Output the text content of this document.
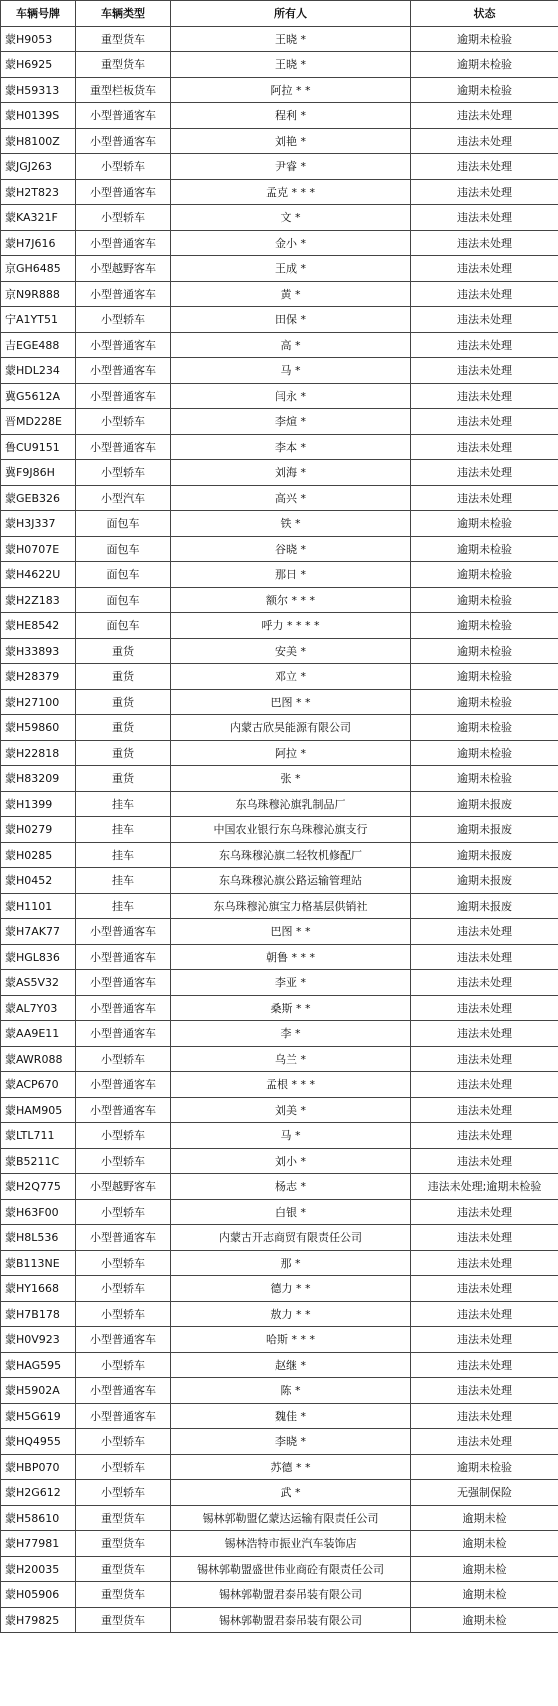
车辆号牌	车辆类型	所有人	状态
蒙H9053	重型货车	王晓 *	逾期未检验
蒙H6925	重型货车	王晓 *	逾期未检验
蒙H59313	重型栏板货车	阿拉 * *	逾期未检验
蒙H0139S	小型普通客车	程利 *	违法未处理
蒙H8100Z	小型普通客车	刘艳 *	违法未处理
蒙JGJ263	小型轿车	尹睿 *	违法未处理
蒙H2T823	小型普通客车	孟克 * * *	违法未处理
蒙KA321F	小型轿车	文 *	违法未处理
蒙H7J616	小型普通客车	金小 *	违法未处理
京GH6485	小型越野客车	王成 *	违法未处理
京N9R888	小型普通客车	黄 *	违法未处理
宁A1YT51	小型轿车	田保 *	违法未处理
吉EGE488	小型普通客车	高 *	违法未处理
蒙HDL234	小型普通客车	马 *	违法未处理
冀G5612A	小型普通客车	闫永 *	违法未处理
晋MD228E	小型轿车	李煊 *	违法未处理
鲁CU9151	小型普通客车	李本 *	违法未处理
冀F9J86H	小型轿车	刘海 *	违法未处理
蒙GEB326	小型汽车	高兴 *	违法未处理
蒙H3J337	面包车	铁 *	逾期未检验
蒙H0707E	面包车	谷晓 *	逾期未检验
蒙H4622U	面包车	那日 *	逾期未检验
蒙H2Z183	面包车	额尔 * * *	逾期未检验
蒙HE8542	面包车	呼力 * * * *	逾期未检验
蒙H33893	重货	安美 *	逾期未检验
蒙H28379	重货	邓立 *	逾期未检验
蒙H27100	重货	巴图 * *	逾期未检验
蒙H59860	重货	内蒙古欣昊能源有限公司	逾期未检验
蒙H22818	重货	阿拉 *	逾期未检验
蒙H83209	重货	张 *	逾期未检验
蒙H1399	挂车	东乌珠穆沁旗乳制品厂	逾期未报废
蒙H0279	挂车	中国农业银行东乌珠穆沁旗支行	逾期未报废
蒙H0285	挂车	东乌珠穆沁旗二轻牧机修配厂	逾期未报废
蒙H0452	挂车	东乌珠穆沁旗公路运输管理站	逾期未报废
蒙H1101	挂车	东乌珠穆沁旗宝力格基层供销社	逾期未报废
蒙H7AK77	小型普通客车	巴图 * *	违法未处理
蒙HGL836	小型普通客车	朝鲁 * * *	违法未处理
蒙AS5V32	小型普通客车	李亚 *	违法未处理
蒙AL7Y03	小型普通客车	桑斯 * *	违法未处理
蒙AA9E11	小型普通客车	李 *	违法未处理
蒙AWR088	小型轿车	乌兰 *	违法未处理
蒙ACP670	小型普通客车	孟根 * * *	违法未处理
蒙HAM905	小型普通客车	刘美 *	违法未处理
蒙LTL711	小型轿车	马 *	违法未处理
蒙B5211C	小型轿车	刘小 *	违法未处理
蒙H2Q775	小型越野客车	杨志 *	违法未处理;逾期未检验
蒙H63F00	小型轿车	白银 *	违法未处理
蒙H8L536	小型普通客车	内蒙古开志商贸有限责任公司	违法未处理
蒙B113NE	小型轿车	那 *	违法未处理
蒙HY1668	小型轿车	德力 * *	违法未处理
蒙H7B178	小型轿车	敖力 * *	违法未处理
蒙H0V923	小型普通客车	哈斯 * * *	违法未处理
蒙HAG595	小型轿车	赵继 *	违法未处理
蒙H5902A	小型普通客车	陈 *	违法未处理
蒙H5G619	小型普通客车	魏佳 *	违法未处理
蒙HQ4955	小型轿车	李晓 *	违法未处理
蒙HBP070	小型轿车	苏德 * *	逾期未检验
蒙H2G612	小型轿车	武 *	无强制保险
蒙H58610	重型货车	锡林郭勒盟亿蒙达运输有限责任公司	逾期未检
蒙H77981	重型货车	锡林浩特市振业汽车装饰店	逾期未检
蒙H20035	重型货车	锡林郭勒盟盛世伟业商砼有限责任公司	逾期未检
蒙H05906	重型货车	锡林郭勒盟君泰吊装有限公司	逾期未检
蒙H79825	重型货车	锡林郭勒盟君泰吊装有限公司	逾期未检
